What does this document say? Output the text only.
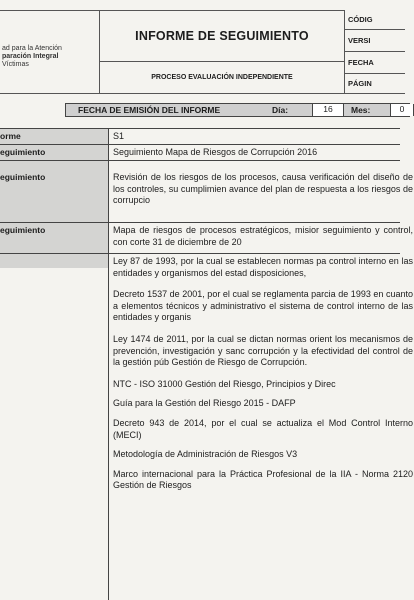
ad para la Atención
paración Integral
Víctimas
INFORME DE SEGUIMIENTO
PROCESO EVALUACIÓN INDEPENDIENTE
CÓDIG
VERSI
FECHA
PÁGIN
FECHA DE EMISIÓN DEL INFORME	Día:	16	Mes:	0
orme	S1
eguimiento	Seguimiento Mapa de Riesgos de Corrupción 2016
eguimiento	Revisión de los riesgos de los procesos, causa verificación del diseño de los controles, su cumplimien avance del plan de respuesta a los riesgos de corrupcio
eguimiento	Mapa de riesgos de procesos estratégicos, misior seguimiento y control, con corte 31 de diciembre de 20

Ley 87 de 1993, por la cual se establecen normas pa control interno en las entidades y organismos del estad disposiciones,

Decreto 1537 de 2001, por el cual se reglamenta parcia de 1993 en cuanto a elementos técnicos y administrativo el sistema de control interno de las entidades y organis

Ley 1474 de 2011, por la cual se dictan normas orient los mecanismos de prevención, investigación y sanc corrupción y la efectividad del control de la gestión púb Gestión de Riesgo de Corrupción.

NTC - ISO 31000 Gestión del Riesgo, Principios y Direc

Guía para la Gestión del Riesgo 2015 - DAFP

Decreto 943 de 2014, por el cual se actualiza el Mod Control Interno (MECI)

Metodología de Administración de Riesgos V3

Marco internacional para la Práctica Profesional de la IIA - Norma 2120 Gestión de Riesgos
